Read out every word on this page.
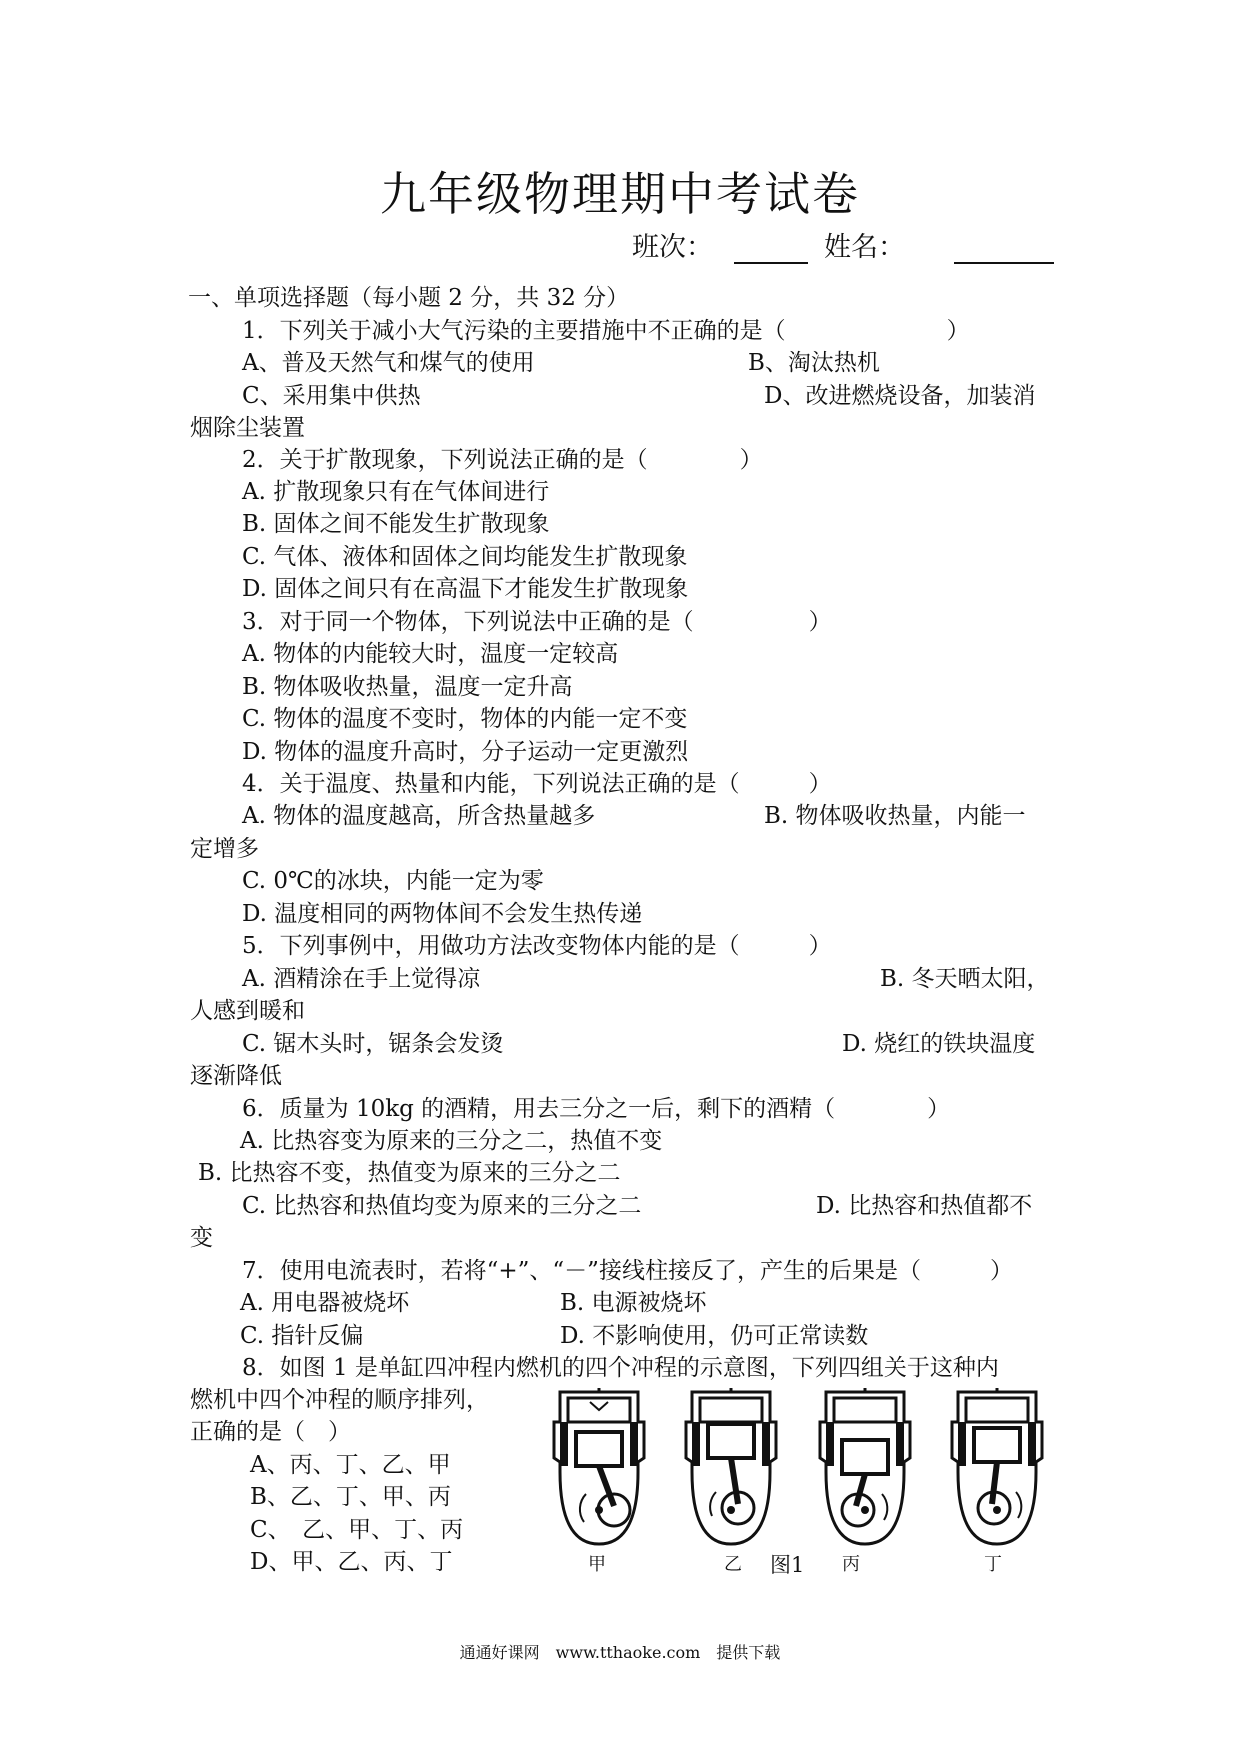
九年级物理期中考试卷
班次：	姓名：
一、单项选择题（每小题 2 分，共 32 分）
1．下列关于减小大气污染的主要措施中不正确的是（　　　　　　　）
A、普及天然气和煤气的使用	B、淘汰热机
C、采用集中供热	D、改进燃烧设备，加装消
烟除尘装置
2．关于扩散现象，下列说法正确的是（　　　　）
A. 扩散现象只有在气体间进行
B. 固体之间不能发生扩散现象
C. 气体、液体和固体之间均能发生扩散现象
D. 固体之间只有在高温下才能发生扩散现象
3．对于同一个物体，下列说法中正确的是（　　　　　）
A. 物体的内能较大时，温度一定较高
B. 物体吸收热量，温度一定升高
C. 物体的温度不变时，物体的内能一定不变
D. 物体的温度升高时，分子运动一定更激烈
4．关于温度、热量和内能，下列说法正确的是（　　　）
A. 物体的温度越高，所含热量越多	B. 物体吸收热量，内能一
定增多
C. 0℃的冰块，内能一定为零
D. 温度相同的两物体间不会发生热传递
5．下列事例中，用做功方法改变物体内能的是（　　　）
A. 酒精涂在手上觉得凉	B. 冬天晒太阳，
人感到暖和
C. 锯木头时，锯条会发烫	D. 烧红的铁块温度
逐渐降低
6．质量为 10kg 的酒精，用去三分之一后，剩下的酒精（　　　　）
A. 比热容变为原来的三分之二，热值不变
B. 比热容不变，热值变为原来的三分之二
C. 比热容和热值均变为原来的三分之二	D. 比热容和热值都不
变
7．使用电流表时，若将“+”、“－”接线柱接反了，产生的后果是（　　　）
A. 用电器被烧坏	B. 电源被烧坏
C. 指针反偏	D. 不影响使用，仍可正常读数
8．如图 1 是单缸四冲程内燃机的四个冲程的示意图，下列四组关于这种内
燃机中四个冲程的顺序排列，
正确的是（　）
A、丙、丁、乙、甲
B、乙、丁、甲、丙
C、　乙、甲、丁、丙
D、甲、乙、丙、丁	甲	乙 图1 丙	丁
通通好课网　www.tthaoke.com　提供下载
